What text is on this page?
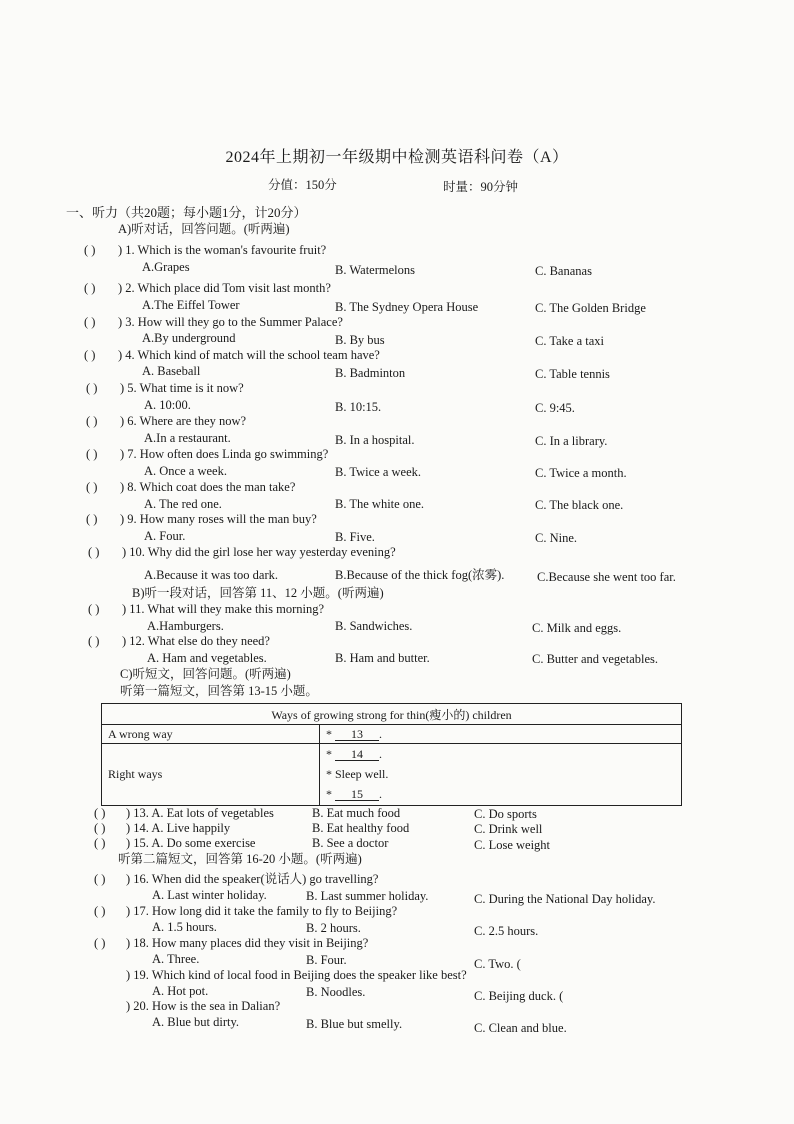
2024年上期初一年级期中检测英语科问卷（A）
分值：150分	时量：90分钟
一、听力（共20题；每小题1分，计20分）
A)听对话，回答问题。(听两遍)
( ) ) 1. Which is the woman's favourite fruit?
A.Grapes	B. Watermelons	C. Bananas
( ) ) 2. Which place did Tom visit last month?
A.The Eiffel Tower	B. The Sydney Opera House	C. The Golden Bridge
( ) ) 3. How will they go to the Summer Palace?
A.By underground	B. By bus	C. Take a taxi
( ) ) 4. Which kind of match will the school team have?
A. Baseball	B. Badminton	C. Table tennis
( ) ) 5. What time is it now?
A. 10:00.	B. 10:15.	C. 9:45.
( ) ) 6. Where are they now?
A.In a restaurant.	B. In a hospital.	C. In a library.
( ) ) 7. How often does Linda go swimming?
A. Once a week.	B. Twice a week.	C. Twice a month.
( ) ) 8. Which coat does the man take?
A. The red one.	B. The white one.	C. The black one.
( ) ) 9. How many roses will the man buy?
A. Four.	B. Five.	C. Nine.
( ) ) 10. Why did the girl lose her way yesterday evening?
A.Because it was too dark.	B.Because of the thick fog(浓雾).	C.Because she went too far.
B)听一段对话，回答第 11、12 小题。(听两遍)
( ) ) 11. What will they make this morning?
A.Hamburgers.	B. Sandwiches.	C. Milk and eggs.
( ) ) 12. What else do they need?
A. Ham and vegetables.	B. Ham and butter.	C. Butter and vegetables.
C)听短文，回答问题。(听两遍)
听第一篇短文，回答第 13-15 小题。
Ways of growing strong for thin(瘦小的) children	
A wrong way	* 13 .
Right ways	* 14 .
* Sleep well.
* 15 .
( ) ) 13. A. Eat lots of vegetables	B. Eat much food	C. Do sports
( ) ) 14. A. Live happily	B. Eat healthy food	C. Drink well
( ) ) 15. A. Do some exercise	B. See a doctor	C. Lose weight
听第二篇短文，回答第 16-20 小题。(听两遍)
( ) ) 16. When did the speaker(说话人) go travelling?
A. Last winter holiday.	B. Last summer holiday.	C. During the National Day holiday.
( ) ) 17. How long did it take the family to fly to Beijing?
A. 1.5 hours.	B. 2 hours.	C. 2.5 hours.
( ) ) 18. How many places did they visit in Beijing?
A. Three.	B. Four.	C. Two. (
) 19. Which kind of local food in Beijing does the speaker like best?
A. Hot pot.	B. Noodles.	C. Beijing duck. (
) 20. How is the sea in Dalian?
A. Blue but dirty.	B. Blue but smelly.	C. Clean and blue.
